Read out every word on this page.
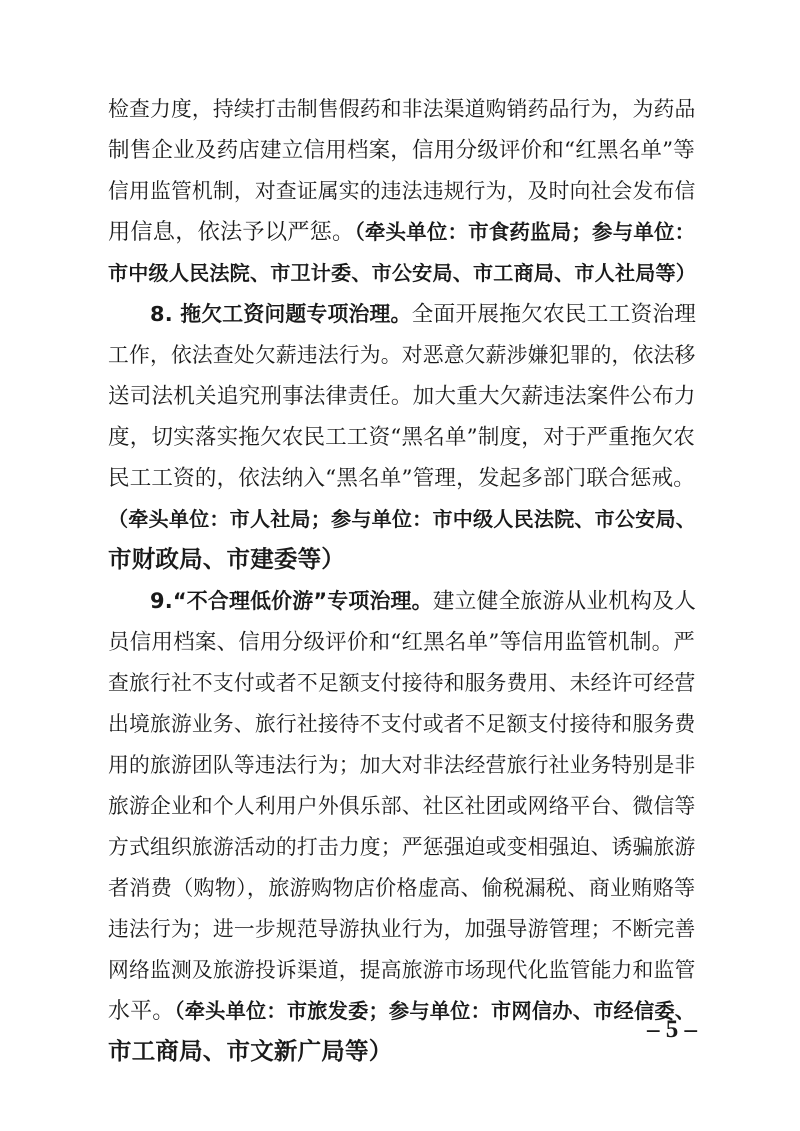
检查力度，持续打击制售假药和非法渠道购销药品行为，为药品
制售企业及药店建立信用档案，信用分级评价和“红黑名单”等
信用监管机制，对查证属实的违法违规行为，及时向社会发布信
用信息，依法予以严惩。（牵头单位：市食药监局；参与单位：
市中级人民法院、市卫计委、市公安局、市工商局、市人社局等）
8. 拖欠工资问题专项治理。全面开展拖欠农民工工资治理
工作，依法查处欠薪违法行为。对恶意欠薪涉嫌犯罪的，依法移
送司法机关追究刑事法律责任。加大重大欠薪违法案件公布力
度，切实落实拖欠农民工工资“黑名单”制度，对于严重拖欠农
民工工资的，依法纳入“黑名单”管理，发起多部门联合惩戒。
（牵头单位：市人社局；参与单位：市中级人民法院、市公安局、
市财政局、市建委等）
9.“不合理低价游”专项治理。建立健全旅游从业机构及人
员信用档案、信用分级评价和“红黑名单”等信用监管机制。严
查旅行社不支付或者不足额支付接待和服务费用、未经许可经营
出境旅游业务、旅行社接待不支付或者不足额支付接待和服务费
用的旅游团队等违法行为；加大对非法经营旅行社业务特别是非
旅游企业和个人利用户外俱乐部、社区社团或网络平台、微信等
方式组织旅游活动的打击力度；严惩强迫或变相强迫、诱骗旅游
者消费（购物），旅游购物店价格虚高、偷税漏税、商业贿赂等
违法行为；进一步规范导游执业行为，加强导游管理；不断完善
网络监测及旅游投诉渠道，提高旅游市场现代化监管能力和监管
水平。（牵头单位：市旅发委；参与单位：市网信办、市经信委、
市工商局、市文新广局等）
– 5 –
